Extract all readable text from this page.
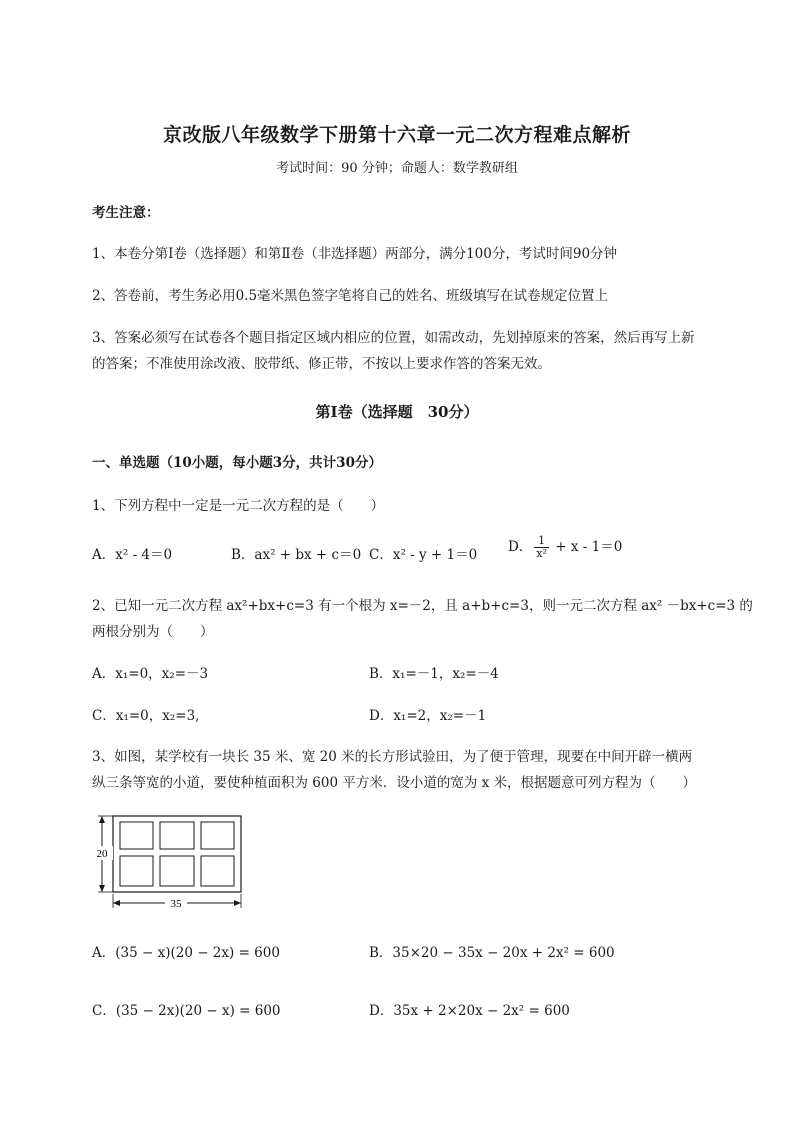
京改版八年级数学下册第十六章一元二次方程难点解析
考试时间：90 分钟；命题人：数学教研组
考生注意：
1、本卷分第Ⅰ卷（选择题）和第Ⅱ卷（非选择题）两部分，满分100分，考试时间90分钟
2、答卷前，考生务必用0.5毫米黑色签字笔将自己的姓名、班级填写在试卷规定位置上
3、答案必须写在试卷各个题目指定区域内相应的位置，如需改动，先划掉原来的答案，然后再写上新
的答案；不准使用涂改液、胶带纸、修正带，不按以上要求作答的答案无效。
第Ⅰ卷（选择题　30分）
一、单选题（10小题，每小题3分，共计30分）
1、下列方程中一定是一元二次方程的是（　　）
A．x² - 4＝0	B．ax² + bx + c＝0 C．x² - y + 1＝0 D． $\frac{1}{\text{x²}} + x - 1=0$
2、已知一元二次方程 ax²+bx+c=3 有一个根为 x=－2，且 a+b+c=3，则一元二次方程 ax² －bx+c=3 的
两根分别为（　　）
A．x₁=0，x₂=－3	B．x₁=－1，x₂=－4
C．x₁=0，x₂=3,	D．x₁=2，x₂=－1
3、如图，某学校有一块长 35 米、宽 20 米的长方形试验田，为了便于管理，现要在中间开辟一横两
纵三条等宽的小道，要使种植面积为 600 平方米．设小道的宽为 x 米，根据题意可列方程为（　　）
20
35
A．(35 − x)(20 − 2x) = 600	B．35×20 − 35x − 20x + 2x² = 600
C．(35 − 2x)(20 − x) = 600	D．35x + 2×20x − 2x² = 600
